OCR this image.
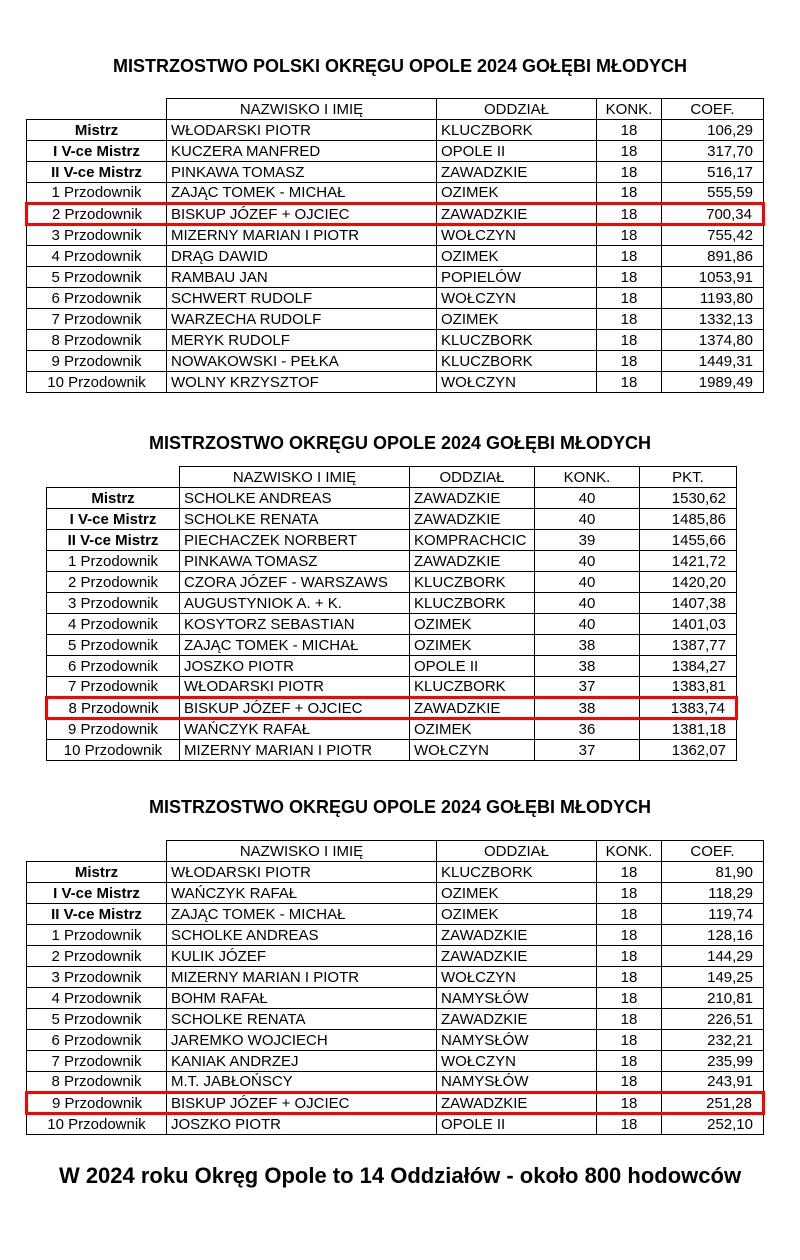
MISTRZOSTWO POLSKI OKRĘGU OPOLE 2024 GOŁĘBI MŁODYCH
	NAZWISKO I IMIĘ	ODDZIAŁ	KONK.	COEF.
Mistrz	WŁODARSKI PIOTR	KLUCZBORK	18	106,29
I V-ce Mistrz	KUCZERA MANFRED	OPOLE II	18	317,70
II V-ce Mistrz	PINKAWA TOMASZ	ZAWADZKIE	18	516,17
1 Przodownik	ZAJĄC TOMEK - MICHAŁ	OZIMEK	18	555,59
2 Przodownik	BISKUP JÓZEF + OJCIEC	ZAWADZKIE	18	700,34
3 Przodownik	MIZERNY MARIAN I PIOTR	WOŁCZYN	18	755,42
4 Przodownik	DRĄG DAWID	OZIMEK	18	891,86
5 Przodownik	RAMBAU JAN	POPIELÓW	18	1053,91
6 Przodownik	SCHWERT RUDOLF	WOŁCZYN	18	1193,80
7 Przodownik	WARZECHA RUDOLF	OZIMEK	18	1332,13
8 Przodownik	MERYK RUDOLF	KLUCZBORK	18	1374,80
9 Przodownik	NOWAKOWSKI - PEŁKA	KLUCZBORK	18	1449,31
10 Przodownik	WOLNY KRZYSZTOF	WOŁCZYN	18	1989,49
MISTRZOSTWO OKRĘGU OPOLE 2024 GOŁĘBI MŁODYCH
	NAZWISKO I IMIĘ	ODDZIAŁ	KONK.	PKT.
Mistrz	SCHOLKE ANDREAS	ZAWADZKIE	40	1530,62
I V-ce Mistrz	SCHOLKE RENATA	ZAWADZKIE	40	1485,86
II V-ce Mistrz	PIECHACZEK NORBERT	KOMPRACHCIC	39	1455,66
1 Przodownik	PINKAWA TOMASZ	ZAWADZKIE	40	1421,72
2 Przodownik	CZORA JÓZEF - WARSZAWS	KLUCZBORK	40	1420,20
3 Przodownik	AUGUSTYNIOK A. + K.	KLUCZBORK	40	1407,38
4 Przodownik	KOSYTORZ SEBASTIAN	OZIMEK	40	1401,03
5 Przodownik	ZAJĄC TOMEK - MICHAŁ	OZIMEK	38	1387,77
6 Przodownik	JOSZKO PIOTR	OPOLE II	38	1384,27
7 Przodownik	WŁODARSKI PIOTR	KLUCZBORK	37	1383,81
8 Przodownik	BISKUP JÓZEF + OJCIEC	ZAWADZKIE	38	1383,74
9 Przodownik	WAŃCZYK RAFAŁ	OZIMEK	36	1381,18
10 Przodownik	MIZERNY MARIAN I PIOTR	WOŁCZYN	37	1362,07
MISTRZOSTWO OKRĘGU OPOLE 2024 GOŁĘBI MŁODYCH
	NAZWISKO I IMIĘ	ODDZIAŁ	KONK.	COEF.
Mistrz	WŁODARSKI PIOTR	KLUCZBORK	18	81,90
I V-ce Mistrz	WAŃCZYK RAFAŁ	OZIMEK	18	118,29
II V-ce Mistrz	ZAJĄC TOMEK - MICHAŁ	OZIMEK	18	119,74
1 Przodownik	SCHOLKE ANDREAS	ZAWADZKIE	18	128,16
2 Przodownik	KULIK JÓZEF	ZAWADZKIE	18	144,29
3 Przodownik	MIZERNY MARIAN I PIOTR	WOŁCZYN	18	149,25
4 Przodownik	BOHM RAFAŁ	NAMYSŁÓW	18	210,81
5 Przodownik	SCHOLKE RENATA	ZAWADZKIE	18	226,51
6 Przodownik	JAREMKO WOJCIECH	NAMYSŁÓW	18	232,21
7 Przodownik	KANIAK ANDRZEJ	WOŁCZYN	18	235,99
8 Przodownik	M.T. JABŁOŃSCY	NAMYSŁÓW	18	243,91
9 Przodownik	BISKUP JÓZEF + OJCIEC	ZAWADZKIE	18	251,28
10 Przodownik	JOSZKO PIOTR	OPOLE II	18	252,10

W 2024 roku Okręg Opole to 14 Oddziałów - około 800 hodowców
